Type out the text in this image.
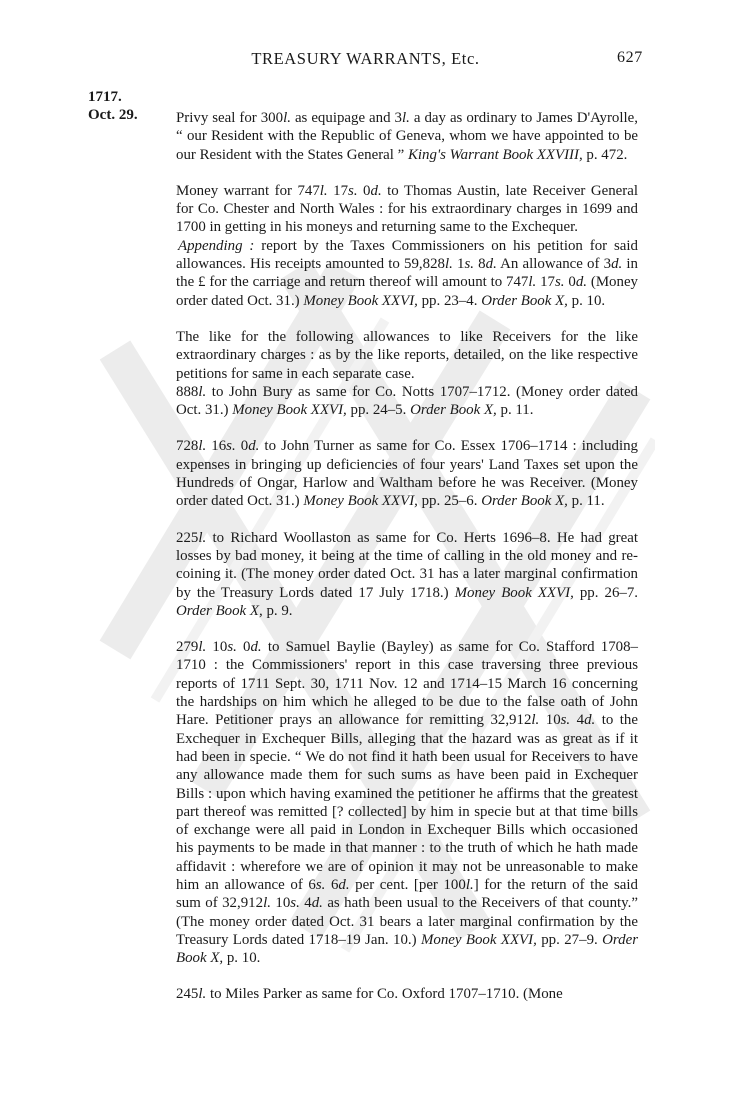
TREASURY WARRANTS, Etc.	627
1717.
Oct. 29.	Privy seal for 300l. as equipage and 3l. a day as ordinary to James D'Ayrolle, “ our Resident with the Republic of Geneva, whom we have appointed to be our Resident with the States General ” King's Warrant Book XXVIII, p. 472.

Money warrant for 747l. 17s. 0d. to Thomas Austin, late Receiver General for Co. Chester and North Wales : for his extraordinary charges in 1699 and 1700 in getting in his moneys and returning same to the Exchequer.

Appending : report by the Taxes Commissioners on his petition for said allowances. His receipts amounted to 59,828l. 1s. 8d. An allowance of 3d. in the £ for the carriage and return thereof will amount to 747l. 17s. 0d. (Money order dated Oct. 31.) Money Book XXVI, pp. 23–4. Order Book X, p. 10.

The like for the following allowances to like Receivers for the like extraordinary charges : as by the like reports, detailed, on the like respective petitions for same in each separate case.

888l. to John Bury as same for Co. Notts 1707–1712. (Money order dated Oct. 31.) Money Book XXVI, pp. 24–5. Order Book X, p. 11.

728l. 16s. 0d. to John Turner as same for Co. Essex 1706–1714 : including expenses in bringing up deficiencies of four years' Land Taxes set upon the Hundreds of Ongar, Harlow and Waltham before he was Receiver. (Money order dated Oct. 31.) Money Book XXVI, pp. 25–6. Order Book X, p. 11.

225l. to Richard Woollaston as same for Co. Herts 1696–8. He had great losses by bad money, it being at the time of calling in the old money and re-coining it. (The money order dated Oct. 31 has a later marginal confirmation by the Treasury Lords dated 17 July 1718.) Money Book XXVI, pp. 26–7. Order Book X, p. 9.

279l. 10s. 0d. to Samuel Baylie (Bayley) as same for Co. Stafford 1708–1710 : the Commissioners' report in this case traversing three previous reports of 1711 Sept. 30, 1711 Nov. 12 and 1714–15 March 16 concerning the hardships on him which he alleged to be due to the false oath of John Hare. Petitioner prays an allowance for remitting 32,912l. 10s. 4d. to the Exchequer in Exchequer Bills, alleging that the hazard was as great as if it had been in specie. “ We do not find it hath been usual for Receivers to have any allowance made them for such sums as have been paid in Exchequer Bills : upon which having examined the petitioner he affirms that the greatest part thereof was remitted [? collected] by him in specie but at that time bills of exchange were all paid in London in Exchequer Bills which occasioned his payments to be made in that manner : to the truth of which he hath made affidavit : wherefore we are of opinion it may not be unreasonable to make him an allowance of 6s. 6d. per cent. [per 100l.] for the return of the said sum of 32,912l. 10s. 4d. as hath been usual to the Receivers of that county.” (The money order dated Oct. 31 bears a later marginal confirmation by the Treasury Lords dated 1718–19 Jan. 10.) Money Book XXVI, pp. 27–9. Order Book X, p. 10.

245l. to Miles Parker as same for Co. Oxford 1707–1710. (Mone
